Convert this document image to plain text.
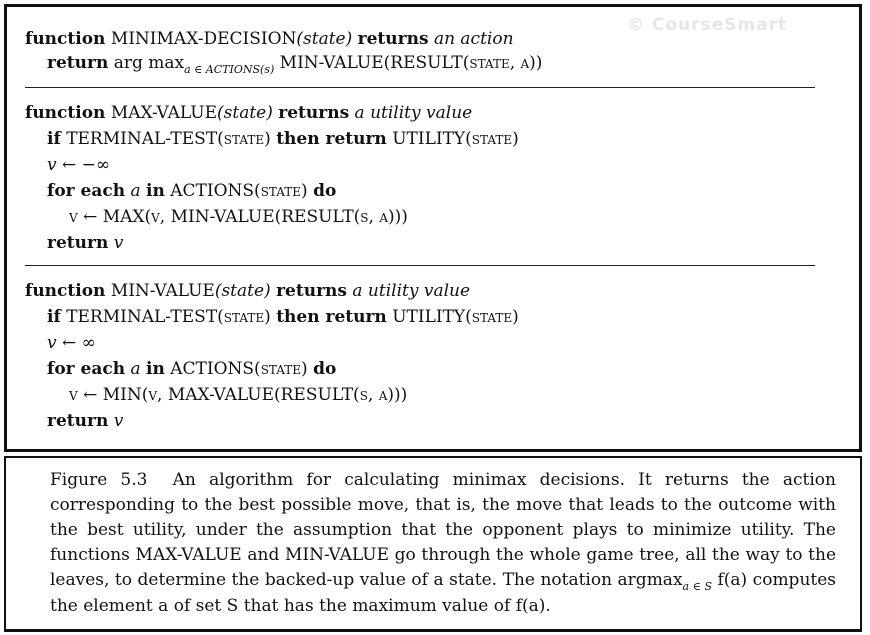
© CourseSmart
function MINIMAX-DECISION(state) returns an action
return arg $\max_{a \in ACTIONS(s)}$ MIN-VALUE(RESULT(state, a))
function MAX-VALUE(state) returns a utility value
if TERMINAL-TEST(state) then return UTILITY(state)
v ← −∞
for each a in ACTIONS(state) do
v ← MAX(v, MIN-VALUE(RESULT(s, a)))
return v
function MIN-VALUE(state) returns a utility value
if TERMINAL-TEST(state) then return UTILITY(state)
v ← ∞
for each a in ACTIONS(state) do
v ← MIN(v, MAX-VALUE(RESULT(s, a)))
return v
Figure 5.3 An algorithm for calculating minimax decisions. It returns the action corresponding to the best possible move, that is, the move that leads to the outcome with the best utility, under the assumption that the opponent plays to minimize utility. The functions MAX-VALUE and MIN-VALUE go through the whole game tree, all the way to the leaves, to determine the backed-up value of a state. The notation argmax$_{a \in S}$ f(a) computes the element a of set S that has the maximum value of f(a).
